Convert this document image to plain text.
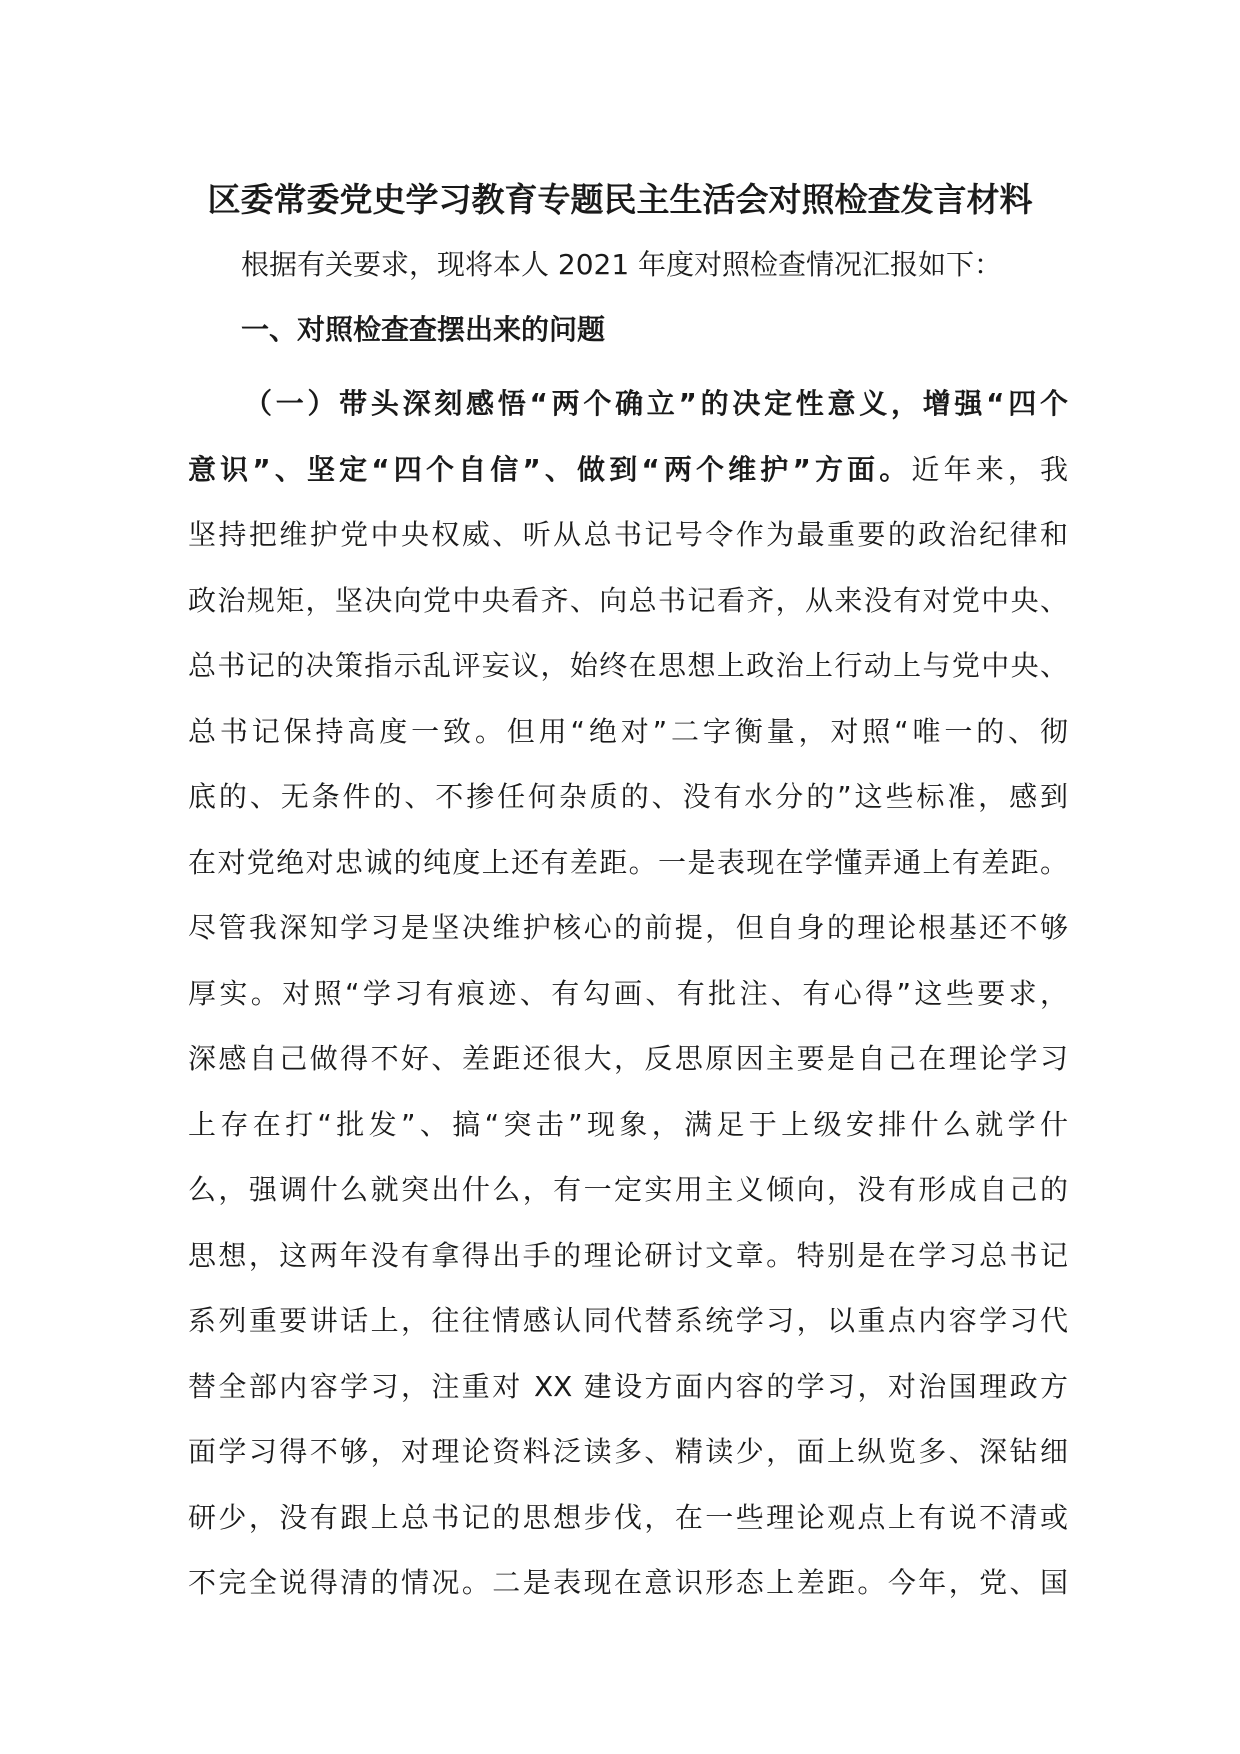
区委常委党史学习教育专题民主生活会对照检查发言材料
根据有关要求，现将本人 2021 年度对照检查情况汇报如下：
一、对照检查查摆出来的问题
（一）带头深刻感悟“两个确立”的决定性意义，增强“四个
意识”、坚定“四个自信”、做到“两个维护”方面。近年来，我
坚持把维护党中央权威、听从总书记号令作为最重要的政治纪律和
政治规矩，坚决向党中央看齐、向总书记看齐，从来没有对党中央、
总书记的决策指示乱评妄议，始终在思想上政治上行动上与党中央、
总书记保持高度一致。但用“绝对”二字衡量，对照“唯一的、彻
底的、无条件的、不掺任何杂质的、没有水分的”这些标准，感到
在对党绝对忠诚的纯度上还有差距。一是表现在学懂弄通上有差距。
尽管我深知学习是坚决维护核心的前提，但自身的理论根基还不够
厚实。对照“学习有痕迹、有勾画、有批注、有心得”这些要求，
深感自己做得不好、差距还很大，反思原因主要是自己在理论学习
上存在打“批发”、搞“突击”现象，满足于上级安排什么就学什
么，强调什么就突出什么，有一定实用主义倾向，没有形成自己的
思想，这两年没有拿得出手的理论研讨文章。特别是在学习总书记
系列重要讲话上，往往情感认同代替系统学习，以重点内容学习代
替全部内容学习，注重对 XX 建设方面内容的学习，对治国理政方
面学习得不够，对理论资料泛读多、精读少，面上纵览多、深钻细
研少，没有跟上总书记的思想步伐，在一些理论观点上有说不清或
不完全说得清的情况。二是表现在意识形态上差距。今年，党、国
